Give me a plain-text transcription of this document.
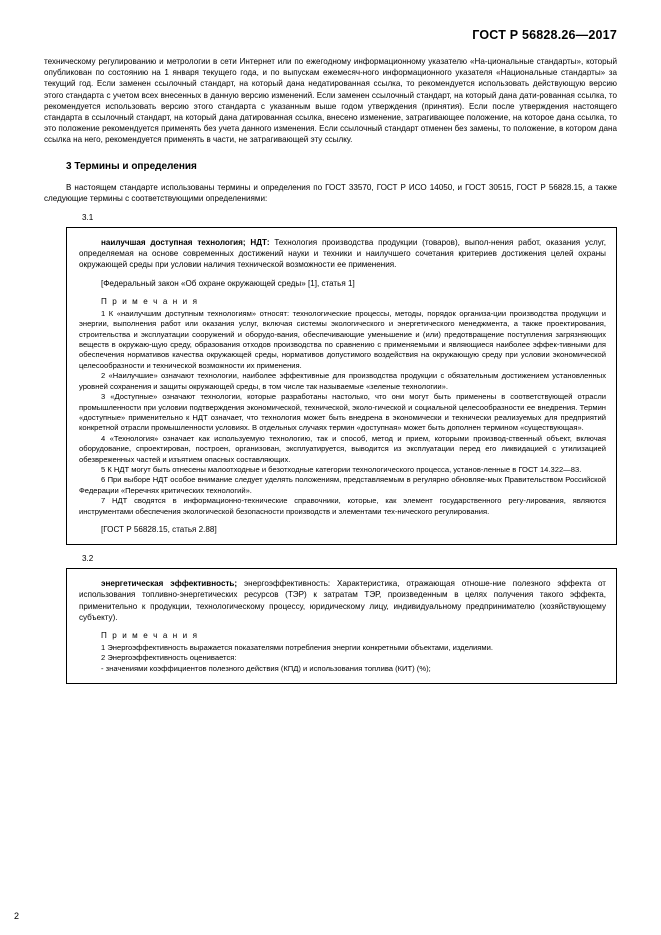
ГОСТ Р 56828.26—2017

техническому регулированию и метрологии в сети Интернет или по ежегодному информационному указателю «На-циональные стандарты», который опубликован по состоянию на 1 января текущего года, и по выпускам ежемесяч-ного информационного указателя «Национальные стандарты» за текущий год. Если заменен ссылочный стандарт, на который дана недатированная ссылка, то рекомендуется использовать действующую версию этого стандарта с учетом всех внесенных в данную версию изменений. Если заменен ссылочный стандарт, на который дана дати-рованная ссылка, то рекомендуется использовать версию этого стандарта с указанным выше годом утверждения (принятия). Если после утверждения настоящего стандарта в ссылочный стандарт, на который дана датированная ссылка, внесено изменение, затрагивающее положение, на которое дана ссылка, то это положение рекомендуется применять без учета данного изменения. Если ссылочный стандарт отменен без замены, то положение, в котором дана ссылка на него, рекомендуется применять в части, не затрагивающей эту ссылку.

3 Термины и определения

В настоящем стандарте использованы термины и определения по ГОСТ 33570, ГОСТ Р ИСО 14050, и ГОСТ 30515, ГОСТ Р 56828.15, а также следующие термины с соответствующими определениями:

3.1

наилучшая доступная технология; НДТ: Технология производства продукции (товаров), выпол-нения работ, оказания услуг, определяемая на основе современных достижений науки и техники и наилучшего сочетания критериев достижения целей охраны окружающей среды при условии наличия технической возможности ее применения.

[Федеральный закон «Об охране окружающей среды» [1], статья 1]
П р и м е ч а н и я

1 К «наилучшим доступным технологиям» относят: технологические процессы, методы, порядок организа-ции производства продукции и энергии, выполнения работ или оказания услуг, включая системы экологического и энергетического менеджмента, а также проектирования, строительства и эксплуатации сооружений и оборудо-вания, обеспечивающие уменьшение и (или) предотвращение поступления загрязняющих веществ в окружаю-щую среду, образования отходов производства по сравнению с применяемыми и являющиеся наиболее эффек-тивными для обеспечения нормативов качества окружающей среды, нормативов допустимого воздействия на окружающую среду при условии экономической целесообразности и технической возможности их применения.

2 «Наилучшие» означают технологии, наиболее эффективные для производства продукции с обязательным достижением установленных уровней сохранения и защиты окружающей среды, в том числе так называемые «зеленые технологии».

3 «Доступные» означают технологии, которые разработаны настолько, что они могут быть применены в соответствующей отрасли промышленности при условии подтверждения экономической, технической, эколо-гической и социальной целесообразности ее внедрения. Термин «доступные» применительно к НДТ означает, что технология может быть внедрена в экономически и технически реализуемых для предприятий конкретной отрасли промышленности условиях. В отдельных случаях термин «доступная» может быть дополнен термином «существующая».

4 «Технология» означает как используемую технологию, так и способ, метод и прием, которыми производ-ственный объект, включая оборудование, спроектирован, построен, организован, эксплуатируется, выводится из эксплуатации перед его ликвидацией с утилизацией обезвреженных частей и изъятием опасных составляющих.

5 К НДТ могут быть отнесены малоотходные и безотходные категории технологического процесса, установ-ленные в ГОСТ 14.322—83.

6 При выборе НДТ особое внимание следует уделять положениям, представляемым в регулярно обновляе-мых Правительством Российской Федерации «Перечнях критических технологий».

7 НДТ сводятся в информационно-технические справочники, которые, как элемент государственного регу-лирования, являются инструментами обеспечения экологической безопасности производств и элементами тех-нического регулирования.

[ГОСТ Р 56828.15, статья 2.88]
3.2

энергетическая эффективность; энергоэффективность: Характеристика, отражающая отноше-ние полезного эффекта от использования топливно-энергетических ресурсов (ТЭР) к затратам ТЭР, произведенным в целях получения такого эффекта, применительно к продукции, технологическому процессу, юридическому лицу, индивидуальному предпринимателю (хозяйствующему субъекту).

П р и м е ч а н и я

1 Энергоэффективность выражается показателями потребления энергии конкретными объектами, изделиями.

2 Энергоэффективность оценивается:

- значениями коэффициентов полезного действия (КПД) и использования топлива (КИТ) (%);

2
